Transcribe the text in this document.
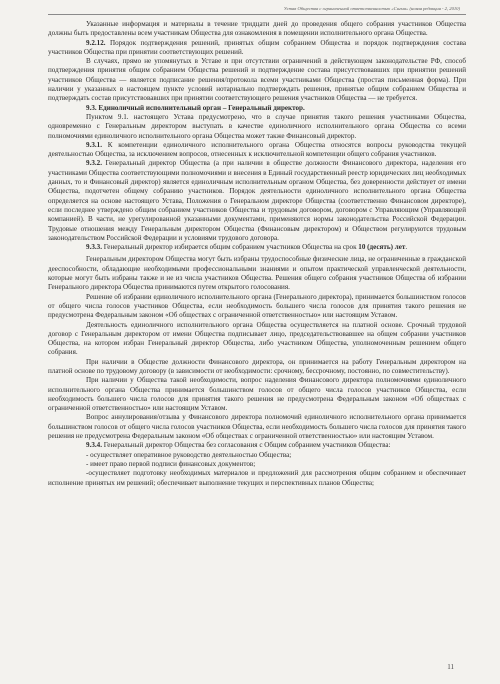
Устав Общества с ограниченной ответственностью «Сигма» (новая редакция - 2, 2010)

Указанные информация и материалы в течение тридцати дней до проведения общего собрания участников Общества должны быть предоставлены всем участникам Общества для ознакомления в помещении исполнительного органа Общества.

9.2.12. Порядок подтверждения решений, принятых общим собранием Общества и порядок подтверждения состава участников Общества при принятии соответствующих решений.

В случаях, прямо не упомянутых в Уставе и при отсутствии ограничений в действующем законодательстве РФ, способ подтверждения принятия общим собранием Общества решений и подтверждение состава присутствовавших при принятии решений участников Общества — является подписание решения/протокола всеми участниками Общества (простая письменная форма). При наличии у указанных в настоящем пункте условий нотариально подтверждать решения, принятые общим собранием Общества и подтверждать состав присутствовавших при принятии соответствующего решения участников Общества — не требуется.

9.3. Единоличный исполнительный орган – Генеральный директор.

Пунктом 9.1. настоящего Устава предусмотрено, что в случае принятия такого решения участниками Общества, одновременно с Генеральным директором выступать в качестве единоличного исполнительного органа Общества со всеми полномочиями единоличного исполнительного органа Общества может также Финансовый директор.

9.3.1. К компетенции единоличного исполнительного органа Общества относятся вопросы руководства текущей деятельностью Общества, за исключением вопросов, отнесенных к исключительной компетенции общего собрания участников.

9.3.2. Генеральный директор Общества (а при наличии в обществе должности Финансового директора, наделения его участниками Общества соответствующими полномочиями и внесения в Единый государственный реестр юридических лиц необходимых данных, то и Финансовый директор) является единоличным исполнительным органом Общества, без доверенности действует от имени Общества, подотчетен общему собранию участников. Порядок деятельности единоличного исполнительного органа Общества определяется на основе настоящего Устава, Положения о Генеральном директоре Общества (соответственно Финансовом директоре), если последнее утверждено общим собранием участников Общества и трудовым договором, договором с Управляющим (Управляющей компанией). В части, не урегулированной указанными документами, применяются нормы законодательства Российской Федерации. Трудовые отношения между Генеральным директором Общества (Финансовым директором) и Обществом регулируются трудовым законодательством Российской Федерации и условиями трудового договора.

9.3.3. Генеральный директор избирается общим собранием участников Общества на срок 10 (десять) лет.

Генеральным директором Общества могут быть избраны трудоспособные физические лица, не ограниченные в гражданской дееспособности, обладающие необходимыми профессиональными знаниями и опытом практической управленческой деятельности, которые могут быть избраны также и не из числа участников Общества. Решения общего собрания участников Общества об избрании Генерального директора Общества принимаются путем открытого голосования.

Решение об избрании единоличного исполнительного органа (Генерального директора), принимается большинством голосов от общего числа голосов участников Общества, если необходимость большего числа голосов для принятия такого решения не предусмотрена Федеральным законом «Об обществах с ограниченной ответственностью» или настоящим Уставом.

Деятельность единоличного исполнительного органа Общества осуществляется на платной основе. Срочный трудовой договор с Генеральным директором от имени Общества подписывает лицо, председательствовавшее на общем собрании участников Общества, на котором избран Генеральный директор Общества, либо участником Общества, уполномоченным решением общего собрания.

При наличии в Обществе должности Финансового директора, он принимается на работу Генеральным директором на платной основе по трудовому договору (в зависимости от необходимости: срочному, бессрочному, постоянно, по совместительству).

При наличии у Общества такой необходимости, вопрос наделения Финансового директора полномочиями единоличного исполнительного органа Общества принимается большинством голосов от общего числа голосов участников Общества, если необходимость большего числа голосов для принятия такого решения не предусмотрена Федеральным законом «Об обществах с ограниченной ответственностью» или настоящим Уставом.

Вопрос аннулирования/отзыва у Финансового директора полномочий единоличного исполнительного органа принимается большинством голосов от общего числа голосов участников Общества, если необходимость большего числа голосов для принятия такого решения не предусмотрена Федеральным законом «Об обществах с ограниченной ответственностью» или настоящим Уставом.

9.3.4. Генеральный директор Общества без согласования с Общим собранием участников Общества:

- осуществляет оперативное руководство деятельностью Общества;

- имеет право первой подписи финансовых документов;

-осуществляет подготовку необходимых материалов и предложений для рассмотрения общим собранием и обеспечивает исполнение принятых им решений; обеспечивает выполнение текущих и перспективных планов Общества;

11
